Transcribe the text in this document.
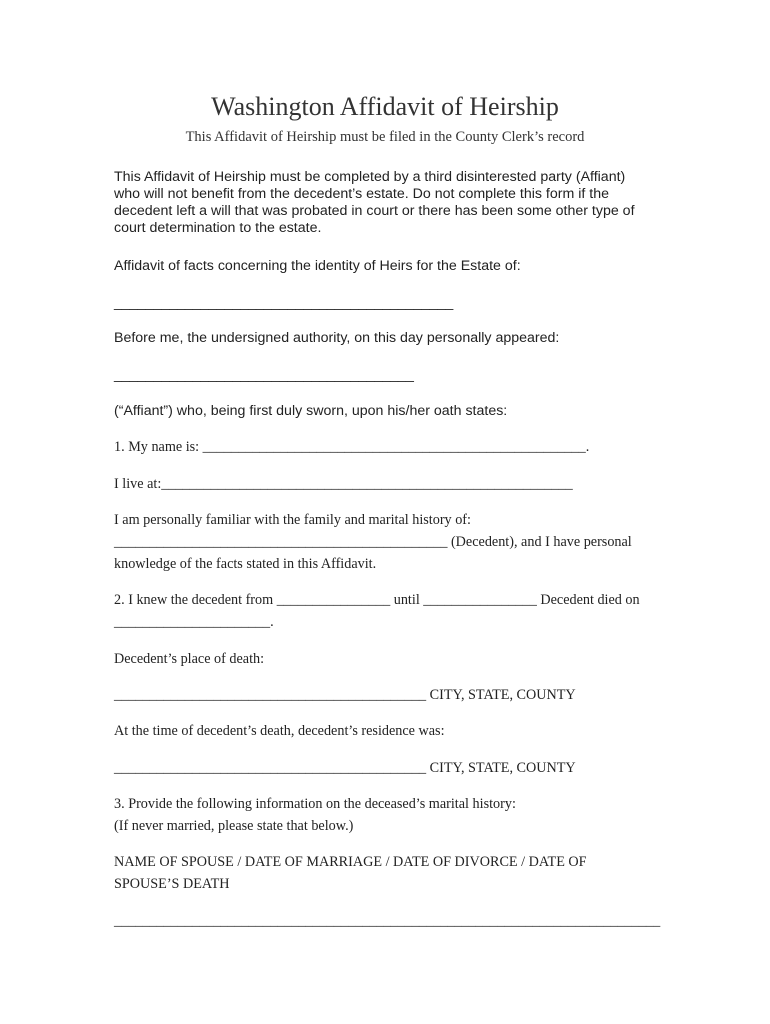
Washington Affidavit of Heirship
This Affidavit of Heirship must be filed in the County Clerk’s record
This Affidavit of Heirship must be completed by a third disinterested party (Affiant)
who will not benefit from the decedent’s estate. Do not complete this form if the
decedent left a will that was probated in court or there has been some other type of
court determination to the estate.
Affidavit of facts concerning the identity of Heirs for the Estate of:
___________________________________________
Before me, the undersigned authority, on this day personally appeared:
______________________________________
(“Affiant”) who, being first duly sworn, upon his/her oath states:
1. My name is: ______________________________________________________.
I live at:__________________________________________________________
I am personally familiar with the family and marital history of:
_______________________________________________ (Decedent), and I have personal
knowledge of the facts stated in this Affidavit.
2. I knew the decedent from ________________ until ________________ Decedent died on
______________________.
Decedent’s place of death:
____________________________________________ CITY, STATE, COUNTY
At the time of decedent’s death, decedent’s residence was:
____________________________________________ CITY, STATE, COUNTY
3. Provide the following information on the deceased’s marital history:
(If never married, please state that below.)
NAME OF SPOUSE / DATE OF MARRIAGE / DATE OF DIVORCE / DATE OF
SPOUSE’S DEATH
_____________________________________________________________________________
